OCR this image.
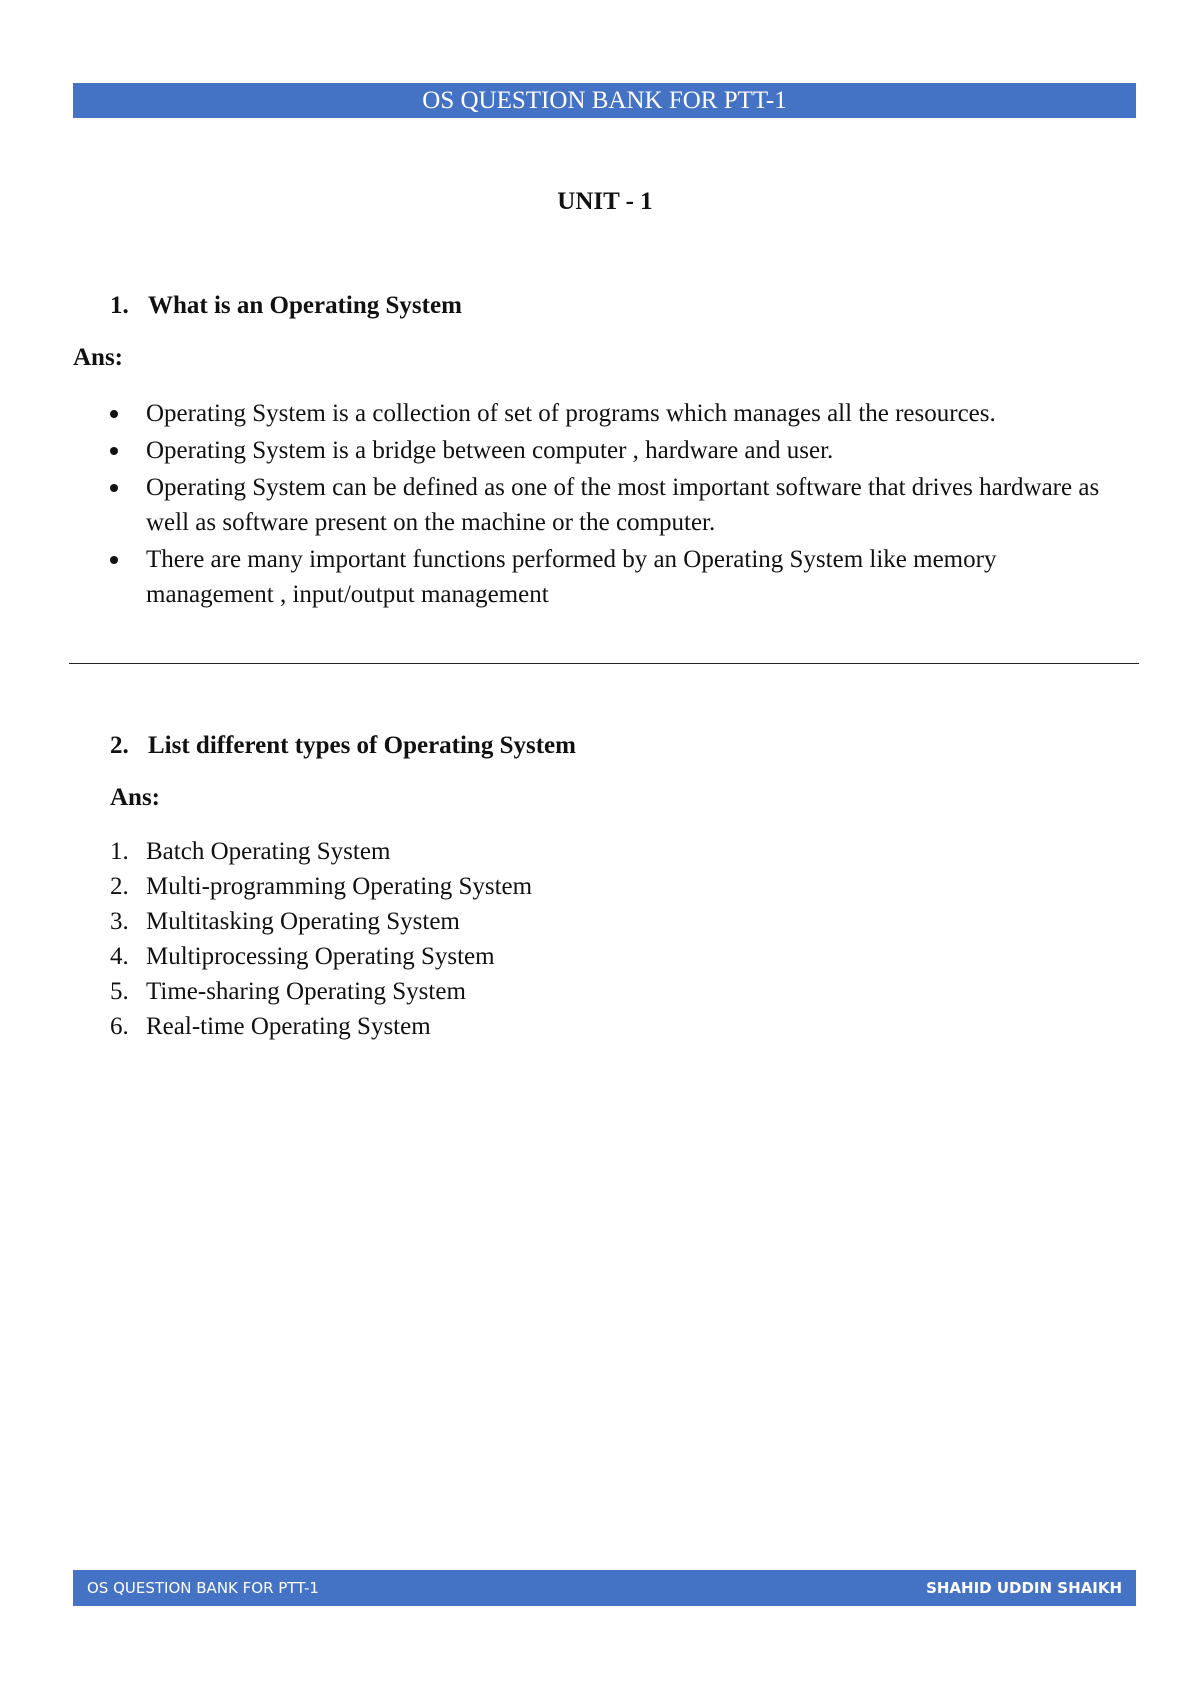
OS QUESTION BANK FOR PTT-1
UNIT - 1
1. What is an Operating System
Ans:
Operating System is a collection of set of programs which manages all the resources.
Operating System is a bridge between computer , hardware and user.
Operating System can be defined as one of the most important software that drives hardware as well as software present on the machine or the computer.
There are many important functions performed by an Operating System like memory management , input/output management
2. List different types of Operating System
Ans:
1. Batch Operating System
2. Multi-programming Operating System
3. Multitasking Operating System
4. Multiprocessing Operating System
5. Time-sharing Operating System
6. Real-time Operating System
OS QUESTION BANK FOR PTT-1	SHAHID UDDIN SHAIKH
